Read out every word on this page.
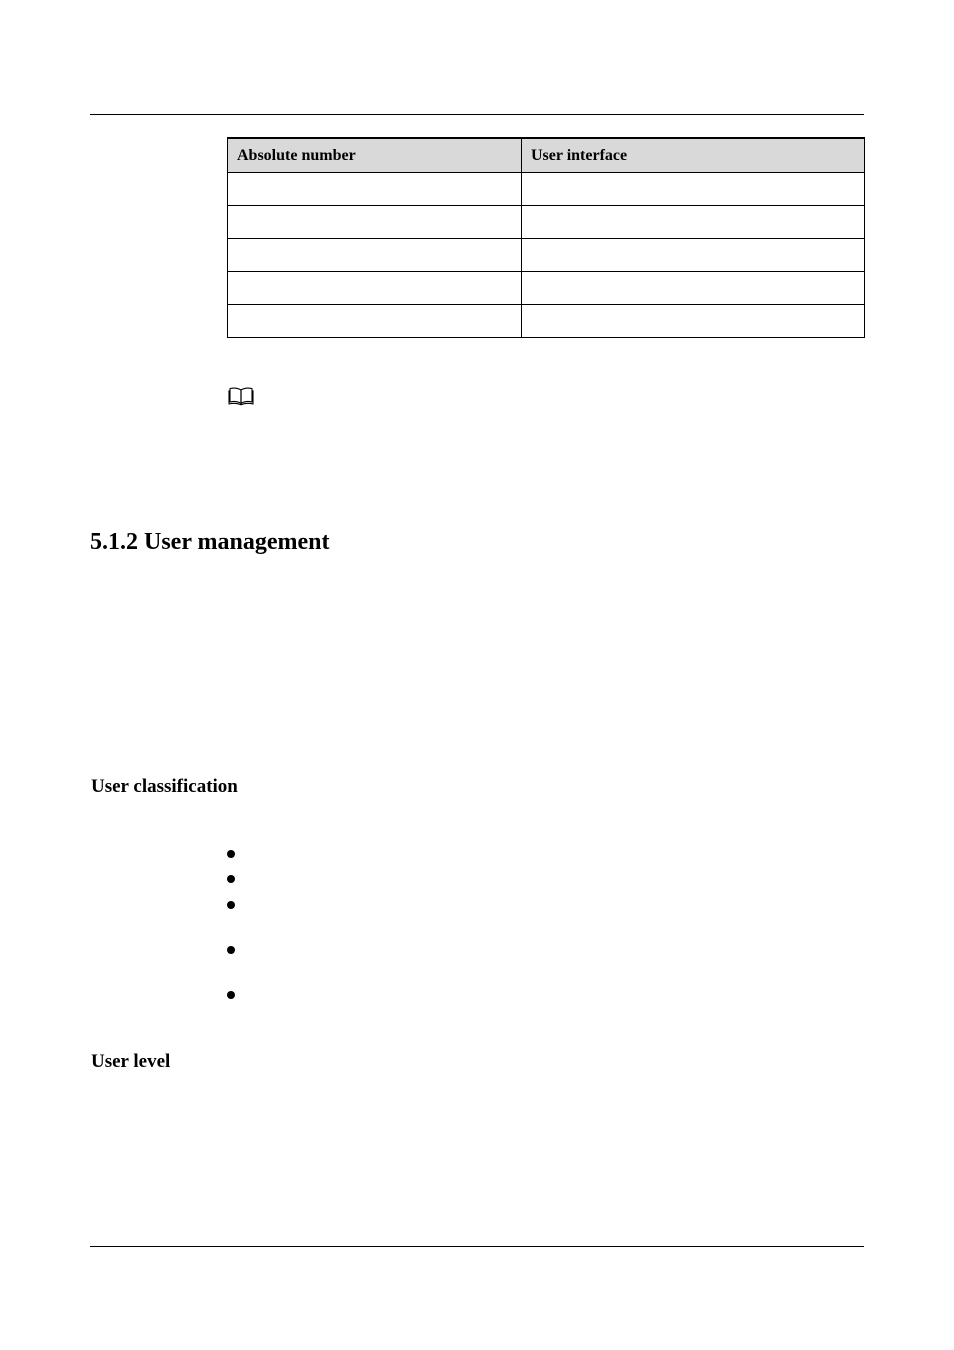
Absolute number	User interface

5.1.2 User management
User classification
User level
